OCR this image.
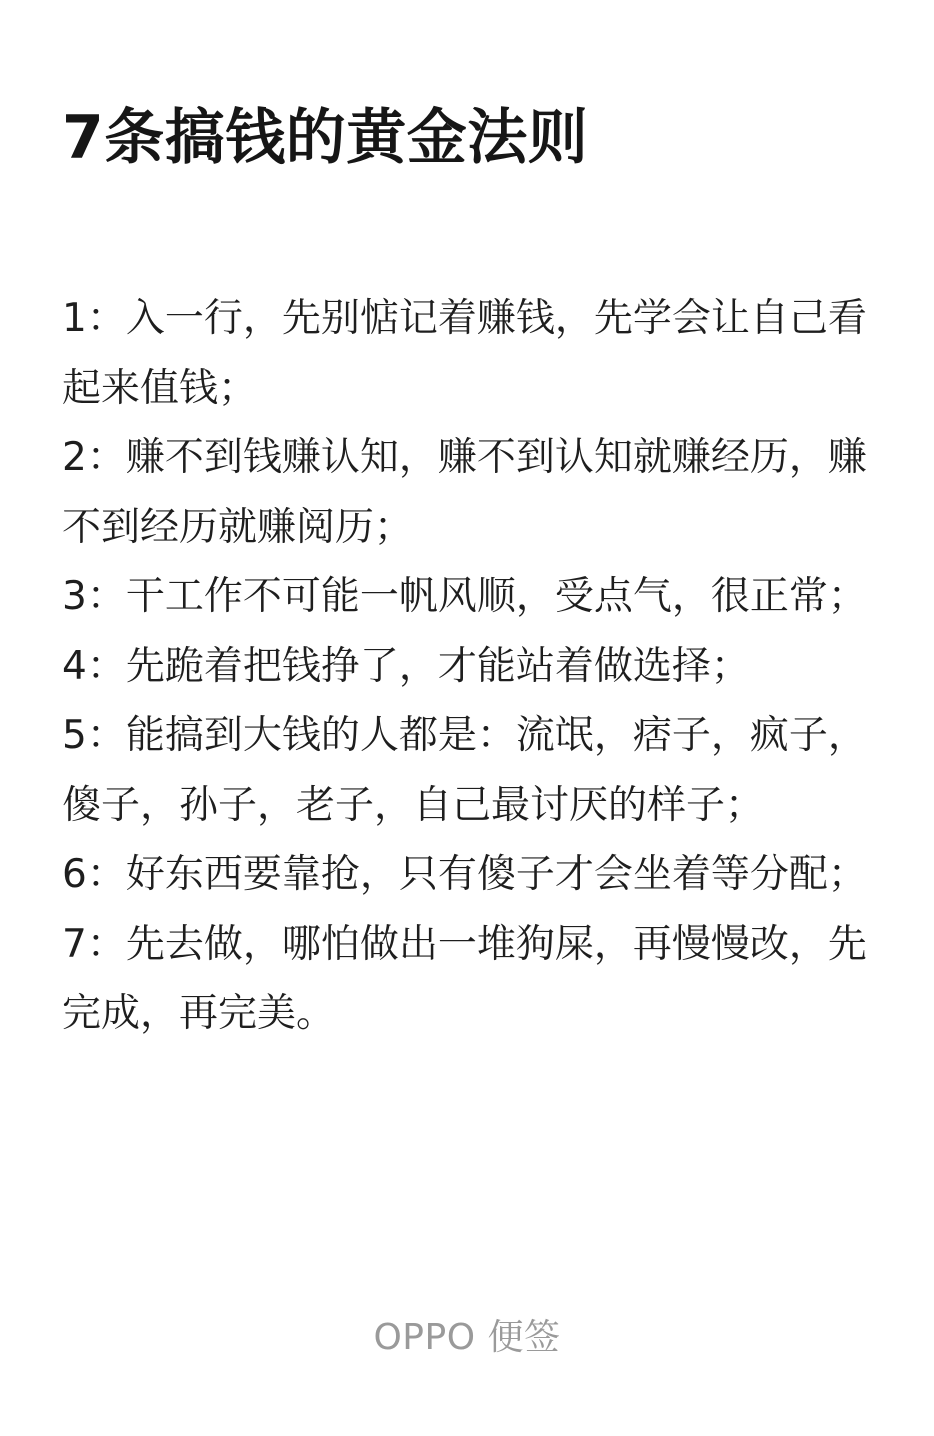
7条搞钱的黄金法则

1：入一行，先别惦记着赚钱，先学会让自己看起来值钱；

2：赚不到钱赚认知，赚不到认知就赚经历，赚不到经历就赚阅历；

3：干工作不可能一帆风顺，受点气，很正常；

4：先跪着把钱挣了，才能站着做选择；

5：能搞到大钱的人都是：流氓，痞子，疯子，傻子，孙子，老子，自己最讨厌的样子；

6：好东西要靠抢，只有傻子才会坐着等分配；

7：先去做，哪怕做出一堆狗屎，再慢慢改，先完成，再完美。

OPPO 便签
